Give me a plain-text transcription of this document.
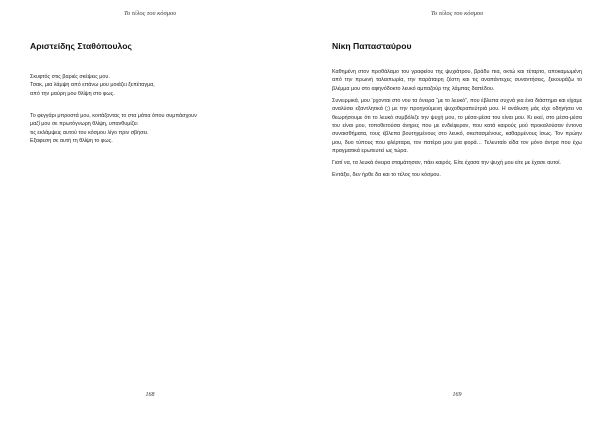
Το τέλος του κόσμου
Αριστείδης Σταθόπουλος

Σκυφτός στις βαριές σκέψεις μου.

Τσακ, μια λάμψη από επάνω μου μοιάζει ξεπέταγμα,

από την μαύρη μου θλίψη στο φως.

Το φεγγάρι μπροστά μου, κοιτάζοντας το στα μάτια όπου συμπάσχουν

μαζί μου σε πρωτόγνωρη θλίψη, υπανθυμίζει

τις εκλάμψεις αυτού του κόσμου λίγο πριν σβήσει.

Εξαφεση σε αυτή τη θλίψη το φως.

168
Το τέλος του κόσμου
Νίκη Παπασταύρου

Καθημένη στον προθάλαμο του γραφείου της ψυχιάτρου, βράδυ πια, οκτώ και τέταρτο, αποκαμωμένη από την πρωινή ταλαιπωρία, την παράταιρη ζέστη και τις αναπάντεχες συναντήσεις, ξεκουράζω το βλέμμα μου στο αφηνόδοκτο λευκό αμπαζούρ της λάμπας δαπέδου.

Συνειρμικά, μου ’ρχονται στο νου τα όνειρα “με το λευκό”, που έβλεπα συχνά για ένα διάστημα και είχαμε αναλύσει εξαντλητικά (;) με την προηγούμενη ψυχοθεραπεύτριά μου. Η ανάλυση μάς είχε οδηγήσει να θεωρήσουμε ότι το λευκό συμβόλιζε την ψυχή μου, το μέσα-μέσα του είναι μου. Κι εκεί, στο μέσα-μέσα του είναι μου, τοποθετούσα άνηρες που με ενδιέφεραν, που κατά καιρούς μού προκαλούσαν έντονα συναισθήματα, τους έβλεπα βουτηγμένους στο λευκό, σκεπασμένους, καθαρμένους ίσως. Τον πρώην μου, δυο τύπους που φλέρταρα, τον πατέρα μου μια φορά… Τελευταίο είδα τον μόνο άντρα που έχω πραγματικά ερωτευτεί ως τώρα.

Γιατί να, τα λευκά όνειρα σταμάτησαν, πάει καιρός. Είτε έχασα την ψυχή μου είτε με έχασε αυτοί.

Εντάξει, δεν ήρθε δα και το τέλος του κόσμου.

169
